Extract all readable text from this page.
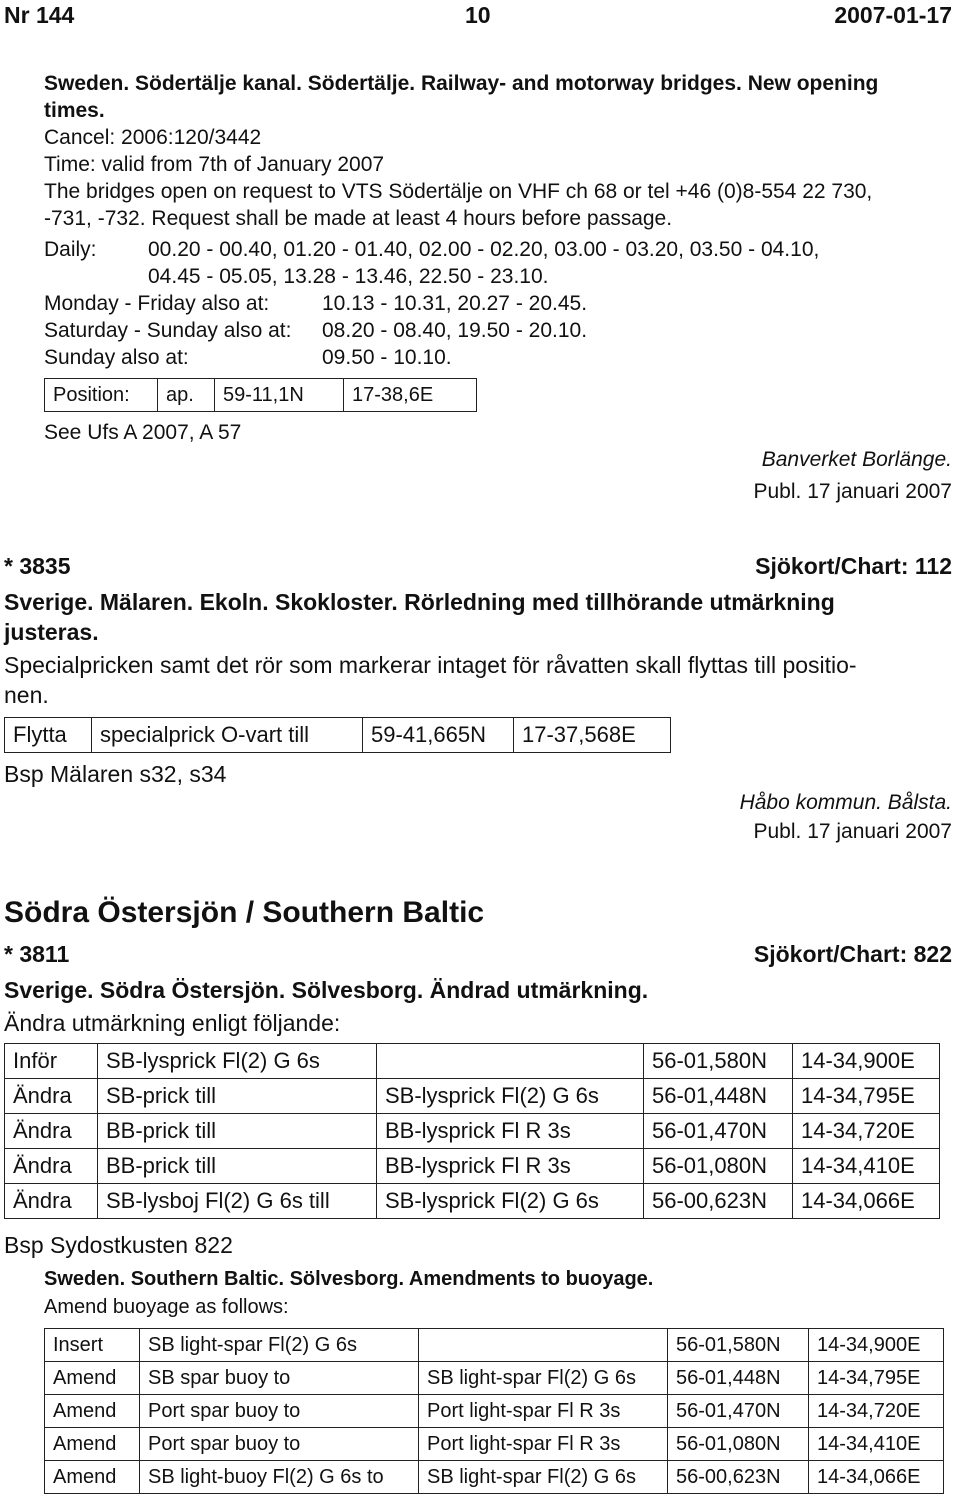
Nr 144	10	2007-01-17
Sweden. Södertälje kanal. Södertälje. Railway- and motorway bridges. New opening
times.
Cancel: 2006:120/3442
Time: valid from 7th of January 2007
The bridges open on request to VTS Södertälje on VHF ch 68 or tel +46 (0)8-554 22 730,
-731, -732. Request shall be made at least 4 hours before passage.
Daily: 00.20 - 00.40, 01.20 - 01.40, 02.00 - 02.20, 03.00 - 03.20, 03.50 - 04.10,
04.45 - 05.05, 13.28 - 13.46, 22.50 - 23.10.
Monday - Friday also at:	10.13 - 10.31, 20.27 - 20.45.
Saturday - Sunday also at: 08.20 - 08.40, 19.50 - 20.10.
Sunday also at:	09.50 - 10.10.
Position:	ap.	59-11,1N	17-38,6E
See Ufs A 2007, A 57
Banverket Borlänge.
Publ. 17 januari 2007
* 3835	Sjökort/Chart: 112
Sverige. Mälaren. Ekoln. Skokloster. Rörledning med tillhörande utmärkning
justeras.
Specialpricken samt det rör som markerar intaget för råvatten skall flyttas till positio-
nen.
Flytta	specialprick O-vart till	59-41,665N	17-37,568E
Bsp Mälaren s32, s34
Håbo kommun. Bålsta.
Publ. 17 januari 2007
Södra Östersjön / Southern Baltic
* 3811	Sjökort/Chart: 822
Sverige. Södra Östersjön. Sölvesborg. Ändrad utmärkning.
Ändra utmärkning enligt följande:
Inför	SB-lysprick Fl(2) G 6s		56-01,580N	14-34,900E
Ändra	SB-prick till	SB-lysprick Fl(2) G 6s	56-01,448N	14-34,795E
Ändra	BB-prick till	BB-lysprick Fl R 3s	56-01,470N	14-34,720E
Ändra	BB-prick till	BB-lysprick Fl R 3s	56-01,080N	14-34,410E
Ändra	SB-lysboj Fl(2) G 6s till	SB-lysprick Fl(2) G 6s	56-00,623N	14-34,066E
Bsp Sydostkusten 822
Sweden. Southern Baltic. Sölvesborg. Amendments to buoyage.
Amend buoyage as follows:
Insert	SB light-spar Fl(2) G 6s		56-01,580N	14-34,900E
Amend	SB spar buoy to	SB light-spar Fl(2) G 6s	56-01,448N	14-34,795E
Amend	Port spar buoy to	Port light-spar Fl R 3s	56-01,470N	14-34,720E
Amend	Port spar buoy to	Port light-spar Fl R 3s	56-01,080N	14-34,410E
Amend	SB light-buoy Fl(2) G 6s to	SB light-spar Fl(2) G 6s	56-00,623N	14-34,066E
